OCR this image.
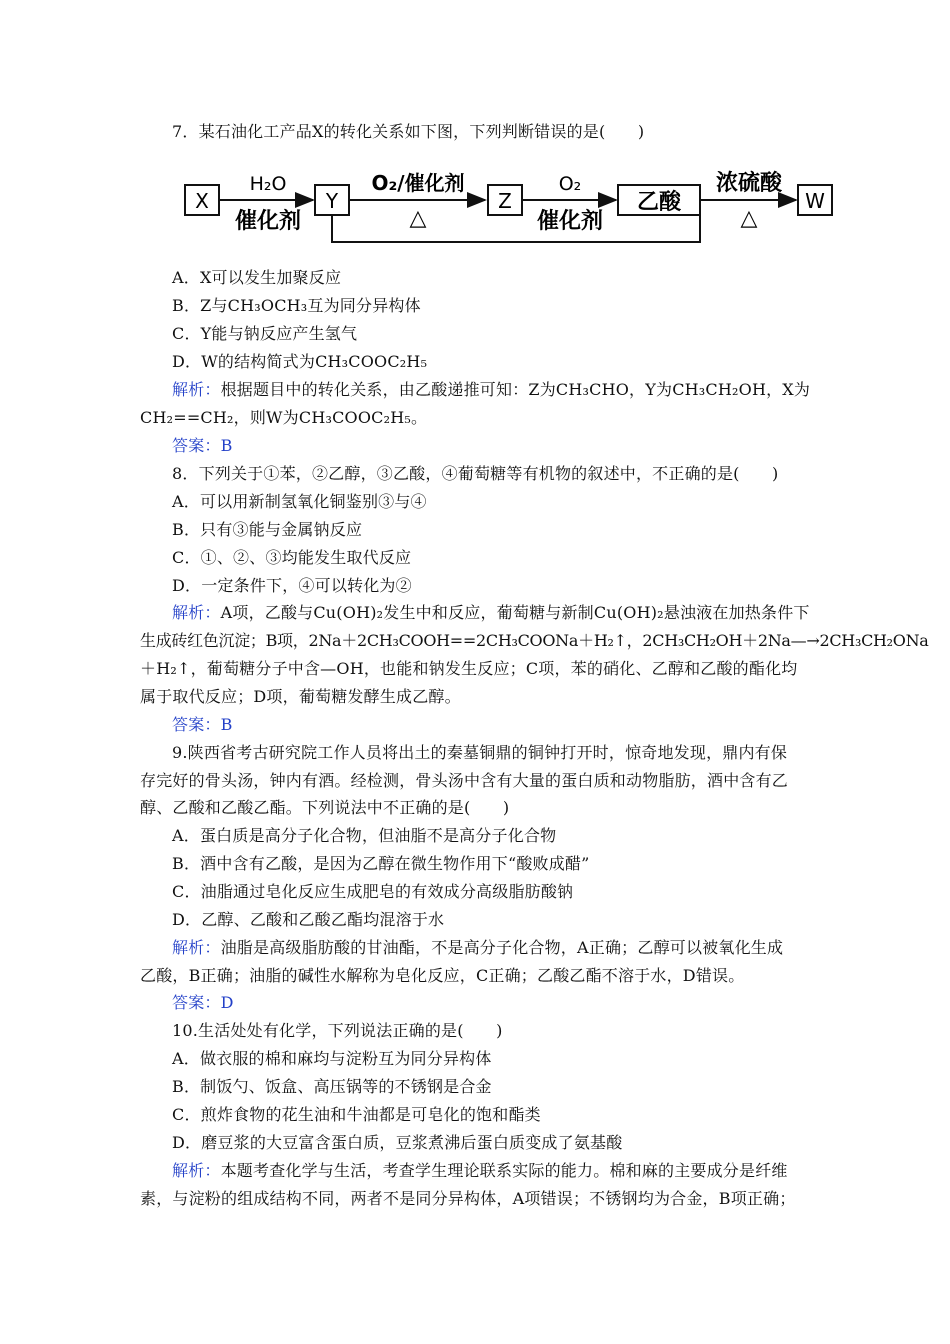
7．某石油化工产品X的转化关系如下图，下列判断错误的是(　　)
X
H₂O
催化剂
Y
O₂/催化剂
△
Z
O₂
催化剂
乙酸
浓硫酸
△
W
A．X可以发生加聚反应
B．Z与CH₃OCH₃互为同分异构体
C．Y能与钠反应产生氢气
D．W的结构简式为CH₃COOC₂H₅
解析：根据题目中的转化关系，由乙酸递推可知：Z为CH₃CHO，Y为CH₃CH₂OH，X为
CH₂==CH₂，则W为CH₃COOC₂H₅。
答案：B
8．下列关于①苯，②乙醇，③乙酸，④葡萄糖等有机物的叙述中，不正确的是(　　)
A．可以用新制氢氧化铜鉴别③与④
B．只有③能与金属钠反应
C．①、②、③均能发生取代反应
D．一定条件下，④可以转化为②
解析：A项，乙酸与Cu(OH)₂发生中和反应，葡萄糖与新制Cu(OH)₂悬浊液在加热条件下
生成砖红色沉淀；B项，2Na＋2CH₃COOH==2CH₃COONa＋H₂↑，2CH₃CH₂OH＋2Na—→2CH₃CH₂ONa
＋H₂↑，葡萄糖分子中含—OH，也能和钠发生反应；C项，苯的硝化、乙醇和乙酸的酯化均
属于取代反应；D项，葡萄糖发酵生成乙醇。
答案：B
9.陕西省考古研究院工作人员将出土的秦墓铜鼎的铜钟打开时，惊奇地发现，鼎内有保
存完好的骨头汤，钟内有酒。经检测，骨头汤中含有大量的蛋白质和动物脂肪，酒中含有乙
醇、乙酸和乙酸乙酯。下列说法中不正确的是(　　)
A．蛋白质是高分子化合物，但油脂不是高分子化合物
B．酒中含有乙酸，是因为乙醇在微生物作用下“酸败成醋”
C．油脂通过皂化反应生成肥皂的有效成分高级脂肪酸钠
D．乙醇、乙酸和乙酸乙酯均混溶于水
解析：油脂是高级脂肪酸的甘油酯，不是高分子化合物，A正确；乙醇可以被氧化生成
乙酸，B正确；油脂的碱性水解称为皂化反应，C正确；乙酸乙酯不溶于水，D错误。
答案：D
10.生活处处有化学，下列说法正确的是(　　)
A．做衣服的棉和麻均与淀粉互为同分异构体
B．制饭勺、饭盒、高压锅等的不锈钢是合金
C．煎炸食物的花生油和牛油都是可皂化的饱和酯类
D．磨豆浆的大豆富含蛋白质，豆浆煮沸后蛋白质变成了氨基酸
解析：本题考查化学与生活，考查学生理论联系实际的能力。棉和麻的主要成分是纤维
素，与淀粉的组成结构不同，两者不是同分异构体，A项错误；不锈钢均为合金，B项正确；
